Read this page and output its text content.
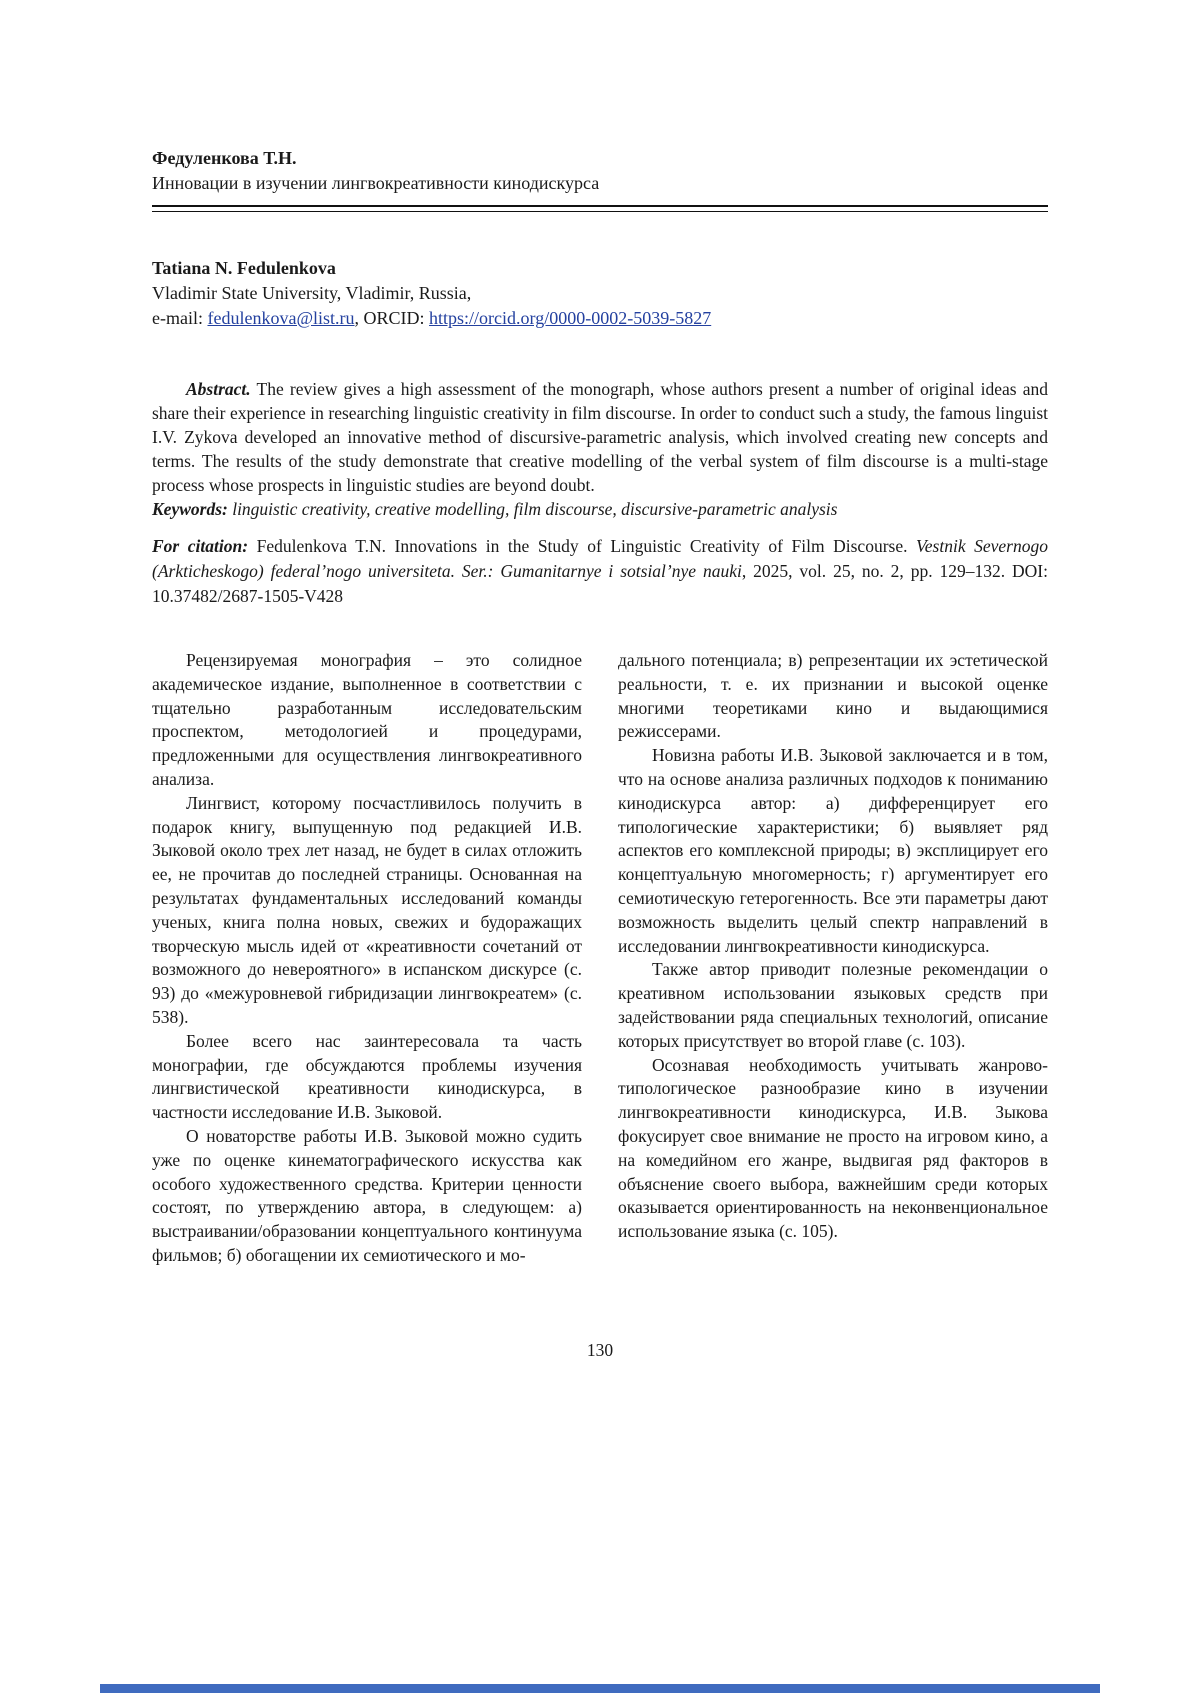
Федуленкова Т.Н.
Инновации в изучении лингвокреативности кинодискурса
Tatiana N. Fedulenkova
Vladimir State University, Vladimir, Russia,
e-mail: fedulenkova@list.ru, ORCID: https://orcid.org/0000-0002-5039-5827

Abstract. The review gives a high assessment of the monograph, whose authors present a number of original ideas and share their experience in researching linguistic creativity in film discourse. In order to conduct such a study, the famous linguist I.V. Zykova developed an innovative method of discursive-parametric analysis, which involved creating new concepts and terms. The results of the study demonstrate that creative modelling of the verbal system of film discourse is a multi-stage process whose prospects in linguistic studies are beyond doubt.

Keywords: linguistic creativity, creative modelling, film discourse, discursive-parametric analysis

For citation: Fedulenkova T.N. Innovations in the Study of Linguistic Creativity of Film Discourse. Vestnik Severnogo (Arkticheskogo) federal’nogo universiteta. Ser.: Gumanitarnye i sotsial’nye nauki, 2025, vol. 25, no. 2, pp. 129–132. DOI: 10.37482/2687-1505-V428

Рецензируемая монография – это солидное академическое издание, выполненное в соответствии с тщательно разработанным исследовательским проспектом, методологией и процедурами, предложенными для осуществления лингвокреативного анализа.

Лингвист, которому посчастливилось получить в подарок книгу, выпущенную под редакцией И.В. Зыковой около трех лет назад, не будет в силах отложить ее, не прочитав до последней страницы. Основанная на результатах фундаментальных исследований команды ученых, книга полна новых, свежих и будоражащих творческую мысль идей от «креативности сочетаний от возможного до невероятного» в испанском дискурсе (с. 93) до «межуровневой гибридизации лингвокреатем» (с. 538).

Более всего нас заинтересовала та часть монографии, где обсуждаются проблемы изучения лингвистической креативности кинодискурса, в частности исследование И.В. Зыковой.

О новаторстве работы И.В. Зыковой можно судить уже по оценке кинематографического искусства как особого художественного средства. Критерии ценности состоят, по утверждению автора, в следующем: а) выстраивании/образовании концептуального континуума фильмов; б) обогащении их семиотического и мо-

дального потенциала; в) репрезентации их эстетической реальности, т. е. их признании и высокой оценке многими теоретиками кино и выдающимися режиссерами.

Новизна работы И.В. Зыковой заключается и в том, что на основе анализа различных подходов к пониманию кинодискурса автор: а) дифференцирует его типологические характеристики; б) выявляет ряд аспектов его комплексной природы; в) эксплицирует его концептуальную многомерность; г) аргументирует его семиотическую гетерогенность. Все эти параметры дают возможность выделить целый спектр направлений в исследовании лингвокреативности кинодискурса.

Также автор приводит полезные рекомендации о креативном использовании языковых средств при задействовании ряда специальных технологий, описание которых присутствует во второй главе (с. 103).

Осознавая необходимость учитывать жанрово-типологическое разнообразие кино в изучении лингвокреативности кинодискурса, И.В. Зыкова фокусирует свое внимание не просто на игровом кино, а на комедийном его жанре, выдвигая ряд факторов в объяснение своего выбора, важнейшим среди которых оказывается ориентированность на неконвенциональное использование языка (с. 105).

130
